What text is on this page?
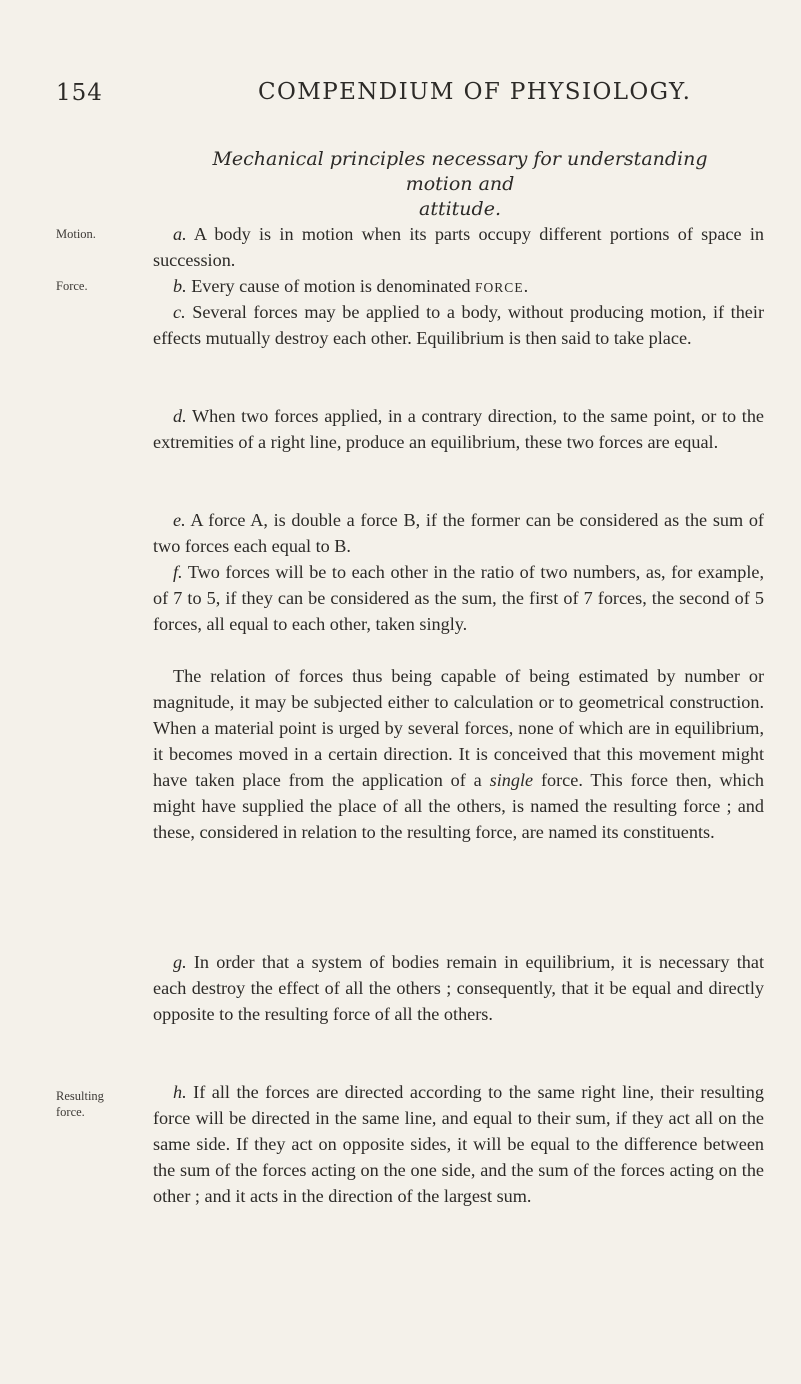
154	COMPENDIUM OF PHYSIOLOGY.
Mechanical principles necessary for understanding motion and
attitude.
Motion.
Force.
Resulting
force.

a. A body is in motion when its parts occupy different portions of space in succession.

b. Every cause of motion is denominated FORCE.

c. Several forces may be applied to a body, without producing motion, if their effects mutually destroy each other. Equilibrium is then said to take place.

d. When two forces applied, in a contrary direction, to the same point, or to the extremities of a right line, produce an equilibrium, these two forces are equal.

e. A force A, is double a force B, if the former can be considered as the sum of two forces each equal to B.

f. Two forces will be to each other in the ratio of two numbers, as, for example, of 7 to 5, if they can be considered as the sum, the first of 7 forces, the second of 5 forces, all equal to each other, taken singly.

The relation of forces thus being capable of being estimated by number or magnitude, it may be subjected either to calculation or to geometrical construction. When a material point is urged by several forces, none of which are in equilibrium, it becomes moved in a certain direction. It is conceived that this movement might have taken place from the application of a single force. This force then, which might have supplied the place of all the others, is named the resulting force ; and these, considered in relation to the resulting force, are named its constituents.

g. In order that a system of bodies remain in equilibrium, it is necessary that each destroy the effect of all the others ; consequently, that it be equal and directly opposite to the resulting force of all the others.

h. If all the forces are directed according to the same right line, their resulting force will be directed in the same line, and equal to their sum, if they act all on the same side. If they act on opposite sides, it will be equal to the difference between the sum of the forces acting on the one side, and the sum of the forces acting on the other ; and it acts in the direction of the largest sum.
